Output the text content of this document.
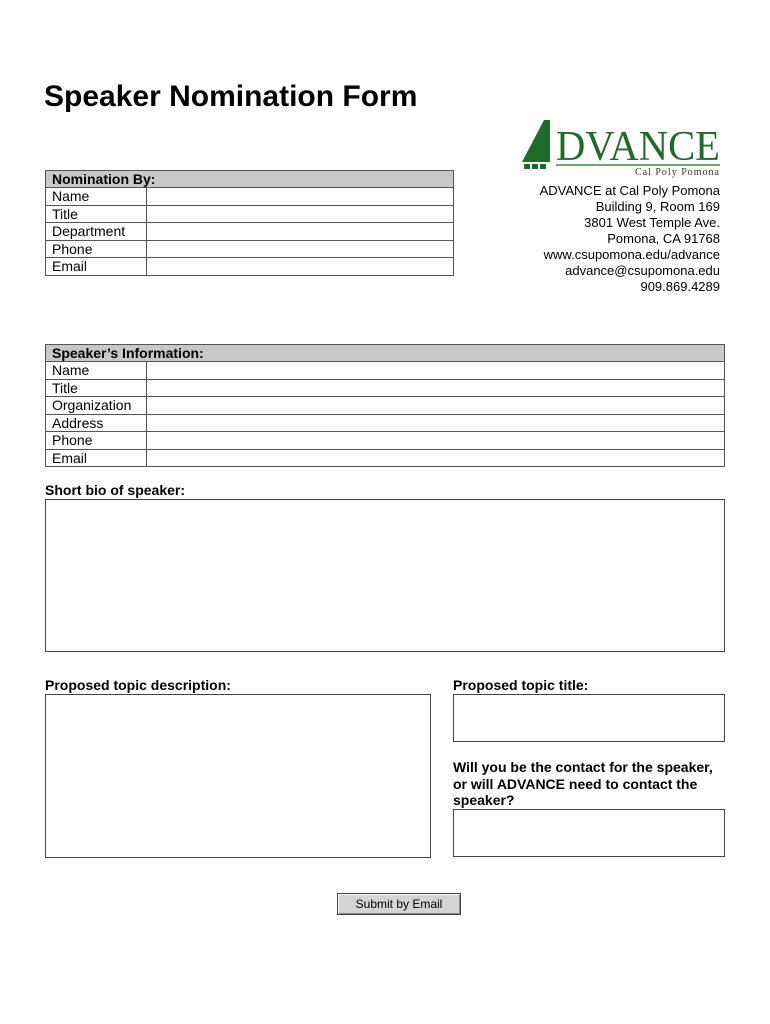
Speaker Nomination Form
Nomination By:	
Name	
Title	
Department	
Phone	
Email	
DVANCE
Cal Poly Pomona
ADVANCE at Cal Poly Pomona
Building 9, Room 169
3801 West Temple Ave.
Pomona, CA 91768
www.csupomona.edu/advance
advance@csupomona.edu
909.869.4289
Speaker’s Information:	
Name	
Title	
Organization	
Address	
Phone	
Email	

Short bio of speaker:

Proposed topic description:	Proposed topic title:

Will you be the contact for the speaker,
or will ADVANCE need to contact the
speaker?
Submit by Email
